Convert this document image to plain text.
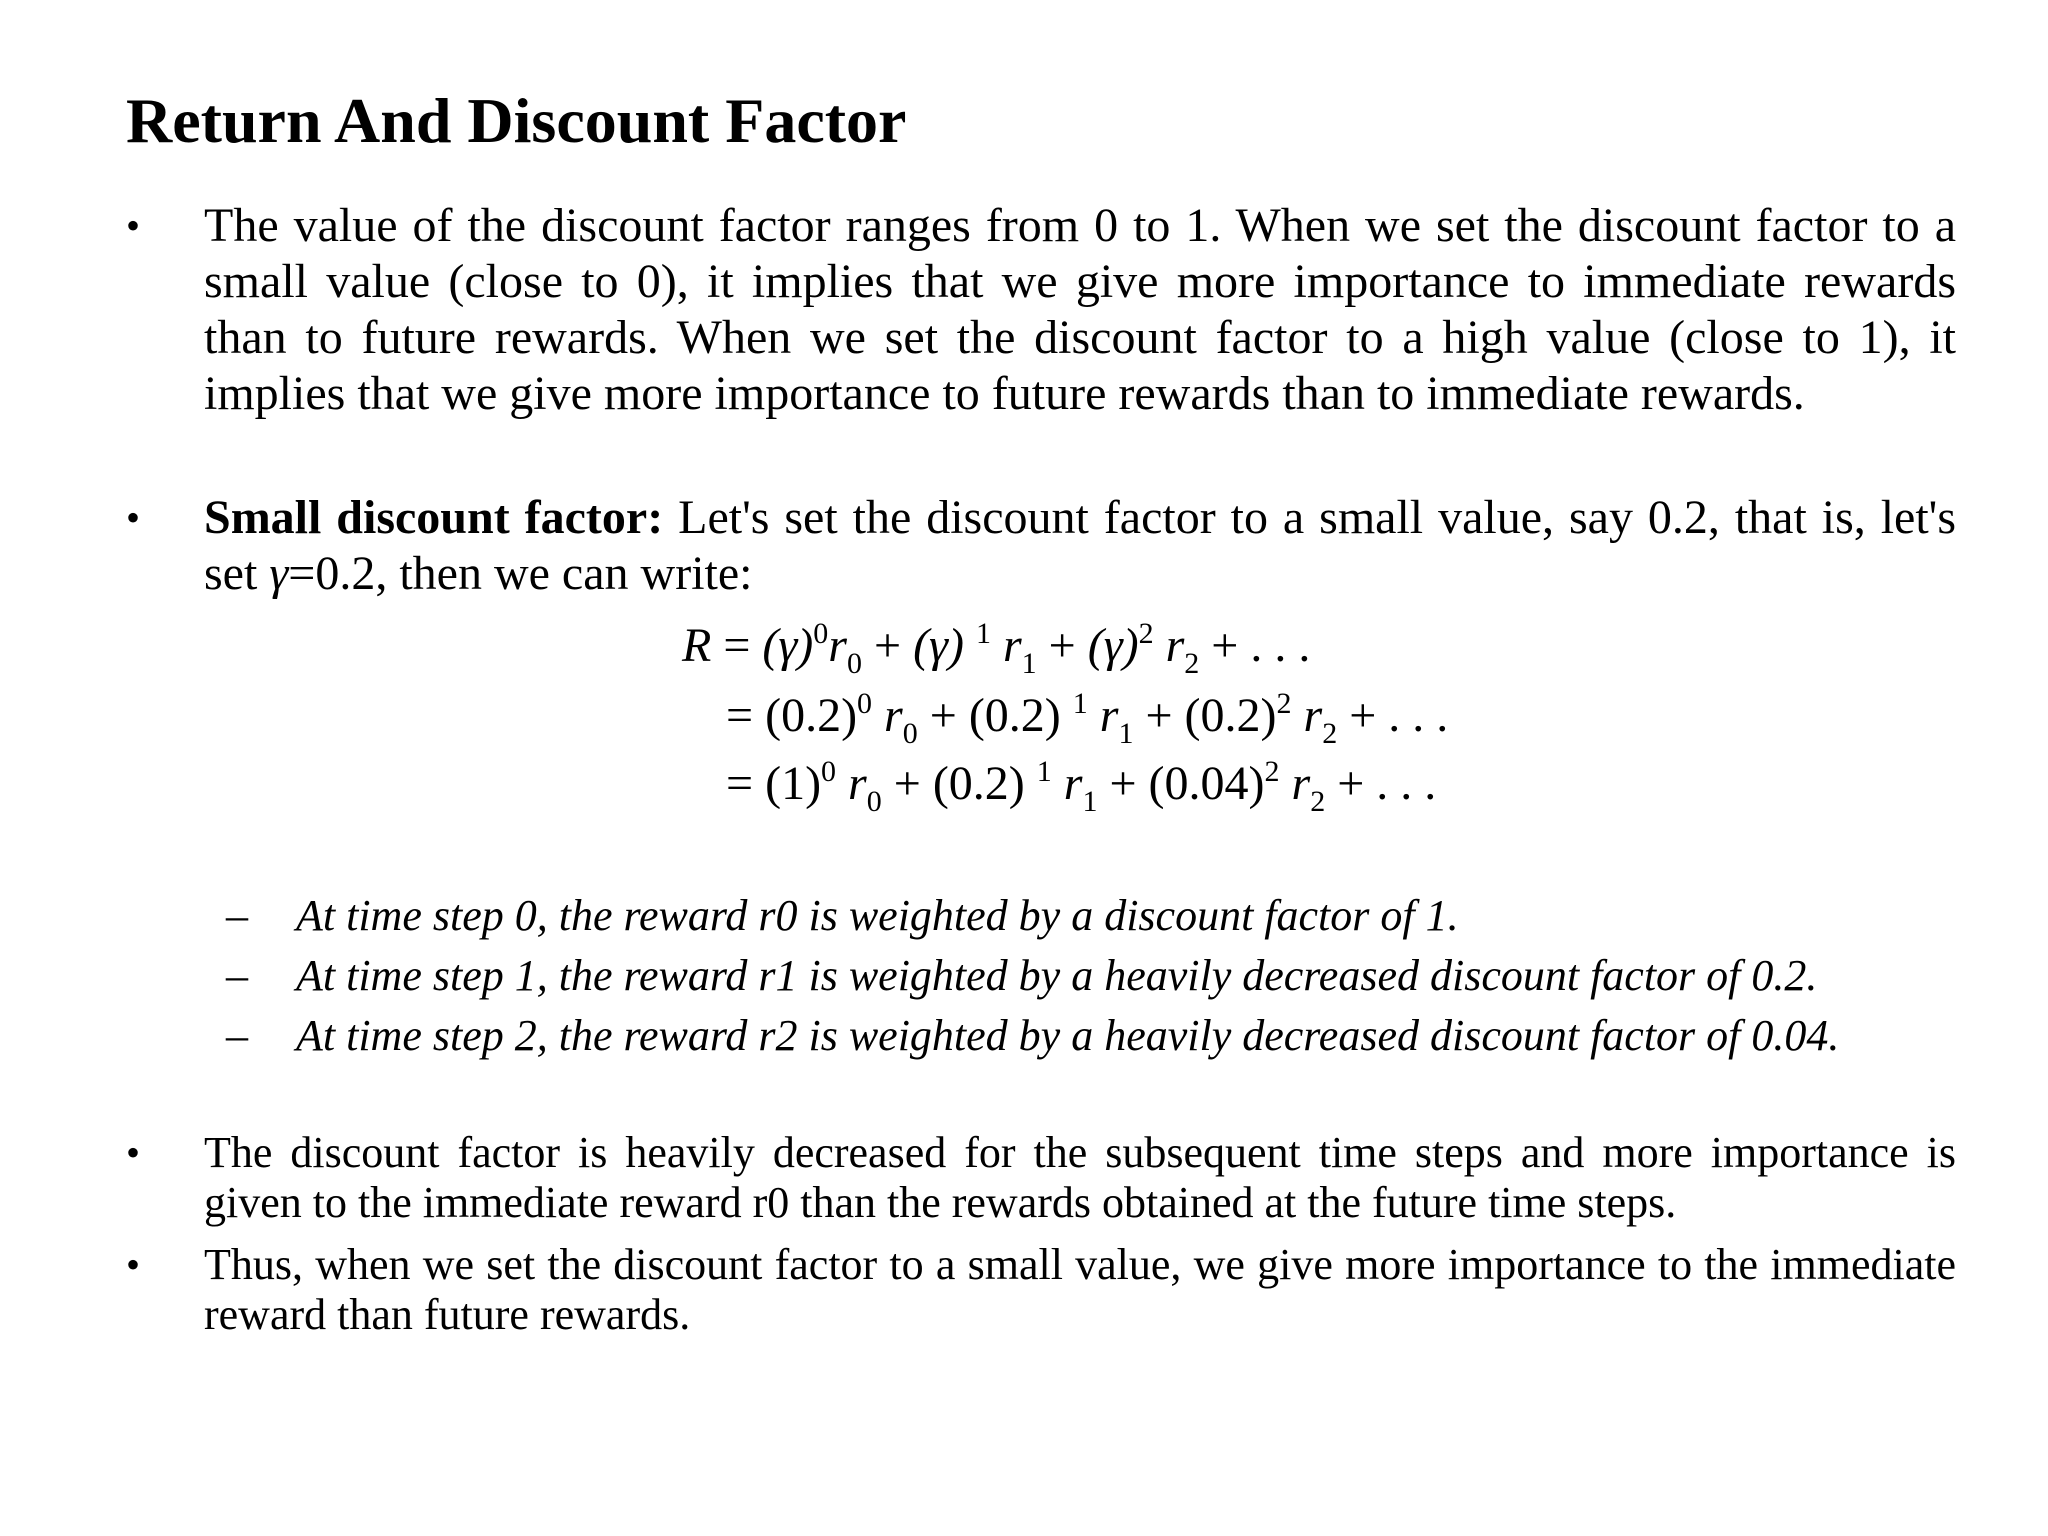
Return And Discount Factor
• The value of the discount factor ranges from 0 to 1. When we set the discount factor to a small value (close to 0), it implies that we give more importance to immediate rewards than to future rewards. When we set the discount factor to a high value (close to 1), it implies that we give more importance to future rewards than to immediate rewards.
• Small discount factor: Let's set the discount factor to a small value, say 0.2, that is, let's set γ=0.2, then we can write:
$R = (\gamma)^0r_0 + (\gamma)$ $^1$ $r_1 + (\gamma)^2$ $r_2$ + . . .
= $(0.2)^0$ $r_0 + (0.2)$ $^1$ $r_1 + (0.2)^2$ $r_2$ + . . .
= $(1)^0$ $r_0 + (0.2)$ $^1$ $r_1 + (0.04)^2$ $r_2$ + . . .
– At time step 0, the reward r0 is weighted by a discount factor of 1.
– At time step 1, the reward r1 is weighted by a heavily decreased discount factor of 0.2.
– At time step 2, the reward r2 is weighted by a heavily decreased discount factor of 0.04.
• The discount factor is heavily decreased for the subsequent time steps and more importance is given to the immediate reward r0 than the rewards obtained at the future time steps.
• Thus, when we set the discount factor to a small value, we give more importance to the immediate reward than future rewards.
